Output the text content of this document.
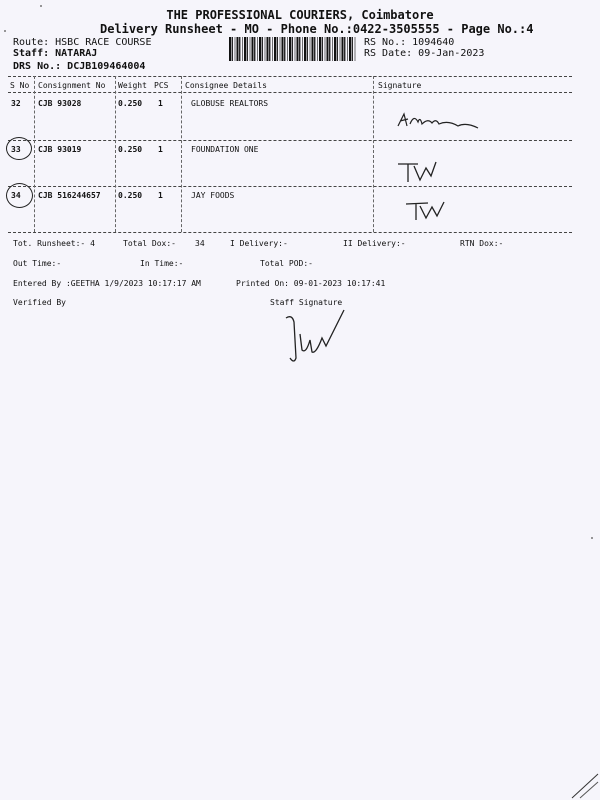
THE PROFESSIONAL COURIERS, Coimbatore
Delivery Runsheet - MO - Phone No.:0422-3505555 - Page No.:4
Route: HSBC RACE COURSE
Staff: NATARAJ
DRS No.: DCJB109464004
RS No.: 1094640
RS Date: 09-Jan-2023
S No Consignment No Weight PCS Consignee Details	Signature
32 CJB 93028	0.250 1	GLOBUSE REALTORS
33 CJB 93019	0.250 1	FOUNDATION ONE
34 CJB 516244657 0.250 1	JAY FOODS
Tot. Runsheet:- 4	Total Dox:- 34	I Delivery:-	II Delivery:-	RTN Dox:-
Out Time:-	In Time:-	Total POD:-
Entered By :GEETHA 1/9/2023 10:17:17 AM	Printed On: 09-01-2023 10:17:41
Verified By	Staff Signature
